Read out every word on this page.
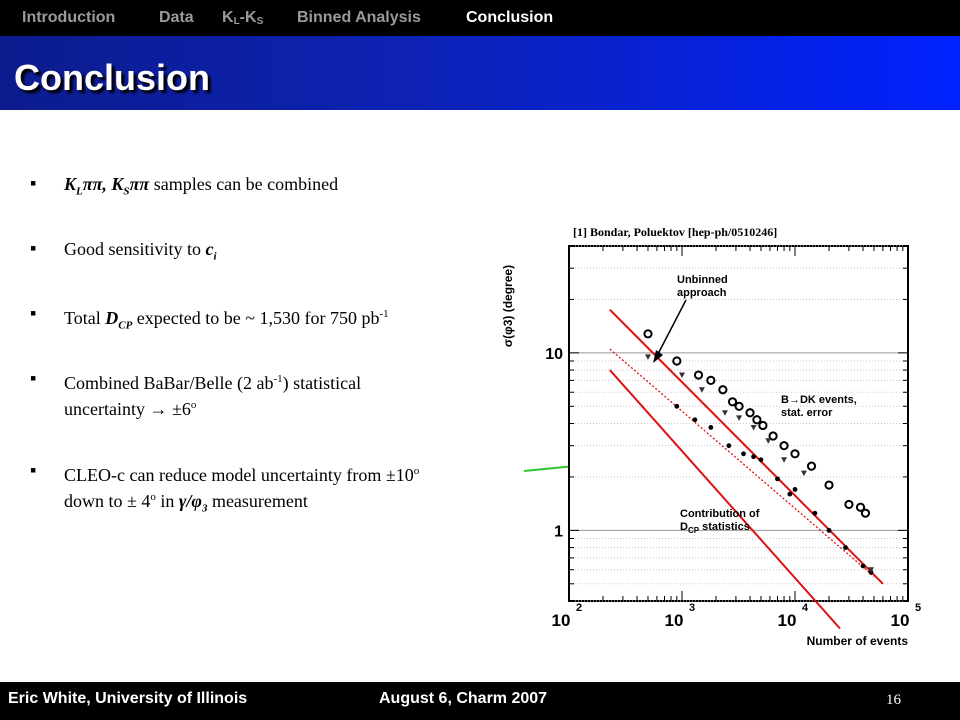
Introduction	Data $K_L-K_S$ Binned Analysis	Conclusion
Conclusion
▪ $K_L\pi\pi$, $K_S\pi\pi$ samples can be combined
▪ Good sensitivity to $c_i$
▪ Total $D_{CP}$ expected to be ~ 1,530 for 750 $pb^{-1}$
▪ Combined BaBar/Belle (2 $ab^{-1}$) statistical
uncertainty → $\pm 6^o$
▪ CLEO-c can reduce model uncertainty from $\pm 10^o$
down to ± $4^o$ in $\gamma/\varphi_3$ measurement
10
2
10
3
10
4
10
5
1
10
[1] Bondar, Poluektov [hep-ph/0510246]
Number of events
σ(φ3) (degree)	Unbinned approach
B→DK events, stat. error
Contribution of $D_{CP}$ statistics
Eric White, University of Illinois	August 6, Charm 2007	16
